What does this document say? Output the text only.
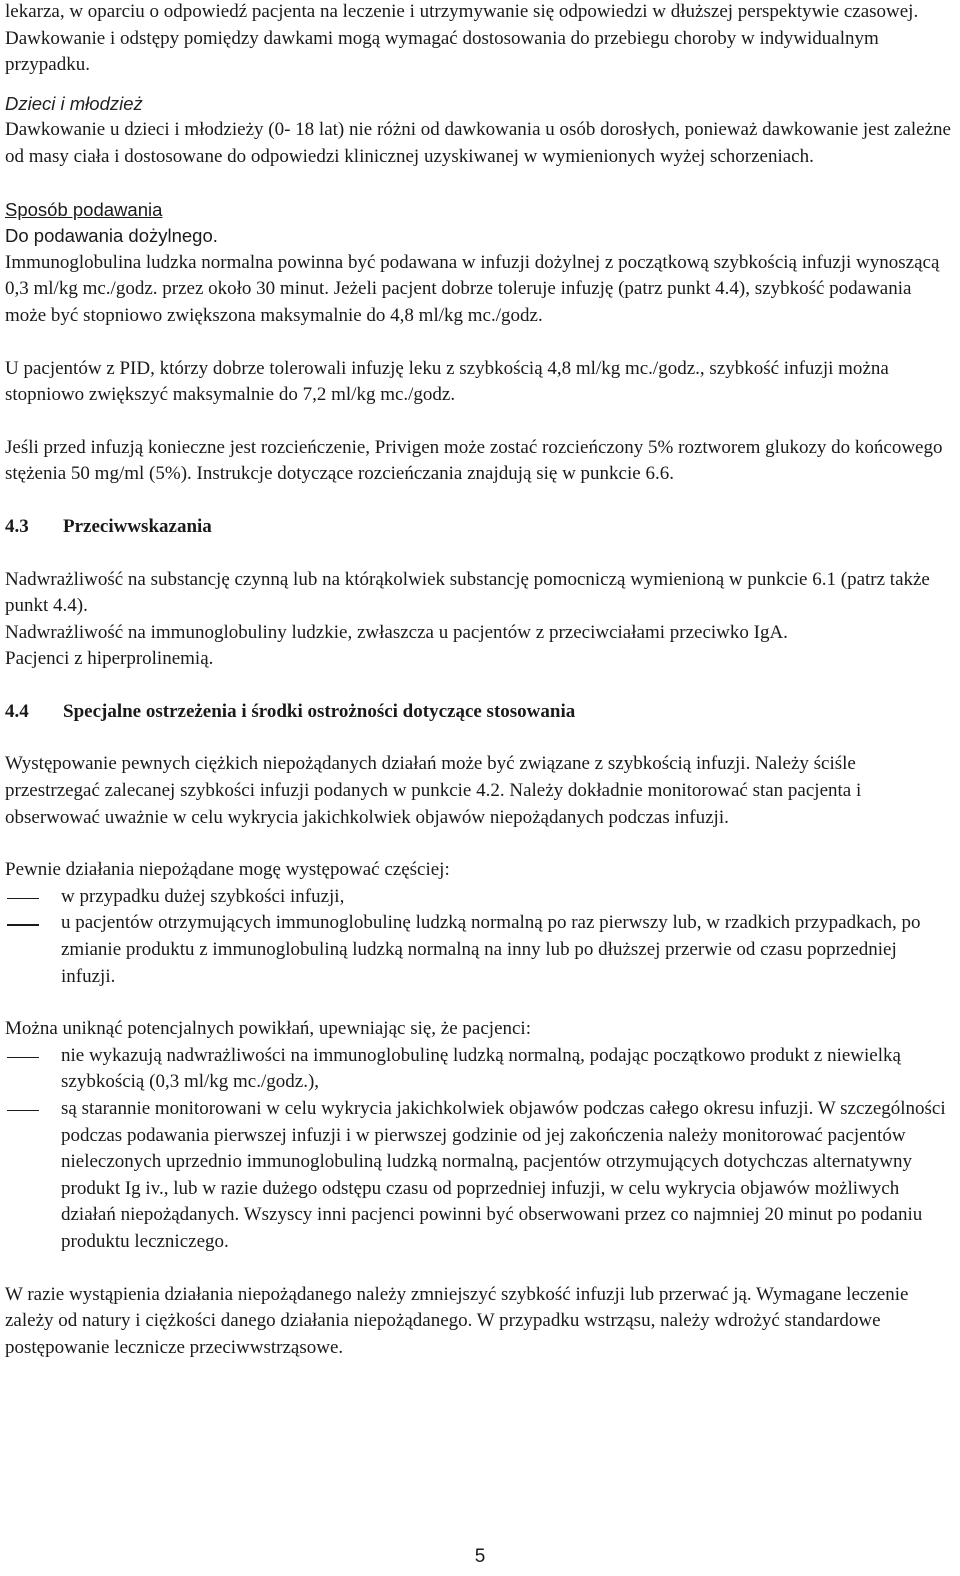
lekarza, w oparciu o odpowiedź pacjenta na leczenie i utrzymywanie się odpowiedzi w dłuższej perspektywie czasowej. Dawkowanie i odstępy pomiędzy dawkami mogą wymagać dostosowania do przebiegu choroby w indywidualnym przypadku.

Dzieci i młodzież

Dawkowanie u dzieci i młodzieży (0- 18 lat) nie różni od dawkowania u osób dorosłych, ponieważ dawkowanie jest zależne od masy ciała i dostosowane do odpowiedzi klinicznej uzyskiwanej w wymienionych wyżej schorzeniach.

Sposób podawania
Do podawania dożylnego.

Immunoglobulina ludzka normalna powinna być podawana w infuzji dożylnej z początkową szybkością infuzji wynoszącą 0,3 ml/kg mc./godz. przez około 30 minut. Jeżeli pacjent dobrze toleruje infuzję (patrz punkt 4.4), szybkość podawania może być stopniowo zwiększona maksymalnie do 4,8 ml/kg mc./godz.

U pacjentów z PID, którzy dobrze tolerowali infuzję leku z szybkością 4,8 ml/kg mc./godz., szybkość infuzji można stopniowo zwiększyć maksymalnie do 7,2 ml/kg mc./godz.

Jeśli przed infuzją konieczne jest rozcieńczenie, Privigen może zostać rozcieńczony 5% roztworem glukozy do końcowego stężenia 50 mg/ml (5%). Instrukcje dotyczące rozcieńczania znajdują się w punkcie 6.6.

4.3	Przeciwwskazania

Nadwrażliwość na substancję czynną lub na którąkolwiek substancję pomocniczą wymienioną w punkcie 6.1 (patrz także punkt 4.4).

Nadwrażliwość na immunoglobuliny ludzkie, zwłaszcza u pacjentów z przeciwciałami przeciwko IgA.

Pacjenci z hiperprolinemią.

4.4	Specjalne ostrzeżenia i środki ostrożności dotyczące stosowania

Występowanie pewnych ciężkich niepożądanych działań może być związane z szybkością infuzji. Należy ściśle przestrzegać zalecanej szybkości infuzji podanych w punkcie 4.2. Należy dokładnie monitorować stan pacjenta i obserwować uważnie w celu wykrycia jakichkolwiek objawów niepożądanych podczas infuzji.

Pewnie działania niepożądane mogę występować częściej:

w przypadku dużej szybkości infuzji,
u pacjentów otrzymujących immunoglobulinę ludzką normalną po raz pierwszy lub, w rzadkich przypadkach, po zmianie produktu z immunoglobuliną ludzką normalną na inny lub po dłuższej przerwie od czasu poprzedniej infuzji.

Można uniknąć potencjalnych powikłań, upewniając się, że pacjenci:

nie wykazują nadwrażliwości na immunoglobulinę ludzką normalną, podając początkowo produkt z niewielką szybkością (0,3 ml/kg mc./godz.),
są starannie monitorowani w celu wykrycia jakichkolwiek objawów podczas całego okresu infuzji. W szczególności podczas podawania pierwszej infuzji i w pierwszej godzinie od jej zakończenia należy monitorować pacjentów nieleczonych uprzednio immunoglobuliną ludzką normalną, pacjentów otrzymujących dotychczas alternatywny produkt Ig iv., lub w razie dużego odstępu czasu od poprzedniej infuzji, w celu wykrycia objawów możliwych działań niepożądanych. Wszyscy inni pacjenci powinni być obserwowani przez co najmniej 20 minut po podaniu produktu leczniczego.

W razie wystąpienia działania niepożądanego należy zmniejszyć szybkość infuzji lub przerwać ją. Wymagane leczenie zależy od natury i ciężkości danego działania niepożądanego. W przypadku wstrząsu, należy wdrożyć standardowe postępowanie lecznicze przeciwwstrząsowe.

5
